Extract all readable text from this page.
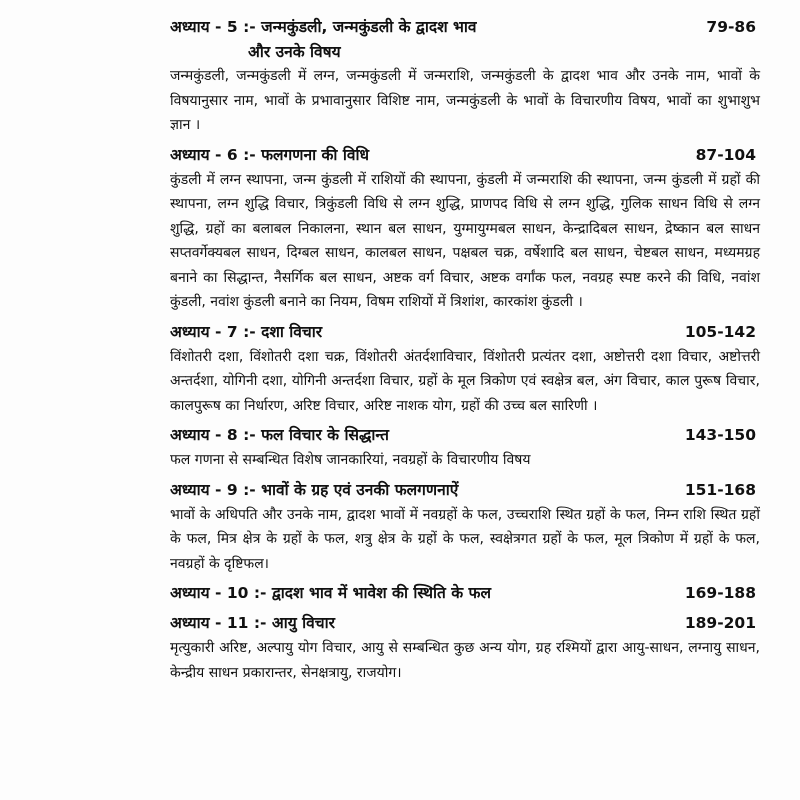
अध्याय - 5 :- जन्मकुंडली, जन्मकुंडली के द्वादश भाव	79-86
और उनके विषय
जन्मकुंडली, जन्मकुंडली में लग्न, जन्मकुंडली में जन्मराशि, जन्मकुंडली के द्वादश भाव और उनके नाम, भावों के विषयानुसार नाम, भावों के प्रभावानुसार विशिष्ट नाम, जन्मकुंडली के भावों के विचारणीय विषय, भावों का शुभाशुभ ज्ञान ।
अध्याय - 6 :- फलगणना की विधि	87-104
कुंडली में लग्न स्थापना, जन्म कुंडली में राशियों की स्थापना, कुंडली में जन्मराशि की स्थापना, जन्म कुंडली में ग्रहों की स्थापना, लग्न शुद्धि विचार, त्रिकुंडली विधि से लग्न शुद्धि, प्राणपद विधि से लग्न शुद्धि, गुलिक साधन विधि से लग्न शुद्धि, ग्रहों का बलाबल निकालना, स्थान बल साधन, युग्मायुग्मबल साधन, केन्द्रादिबल साधन, द्रेष्कान बल साधन सप्तवर्गेक्यबल साधन, दिग्बल साधन, कालबल साधन, पक्षबल चक्र, वर्षेशादि बल साधन, चेष्टबल साधन, मध्यमग्रह बनाने का सिद्धान्त, नैसर्गिक बल साधन, अष्टक वर्ग विचार, अष्टक वर्गांक फल, नवग्रह स्पष्ट करने की विधि, नवांश कुंडली, नवांश कुंडली बनाने का नियम, विषम राशियों में त्रिशांश, कारकांश कुंडली ।
अध्याय - 7 :- दशा विचार	105-142
विंशोतरी दशा, विंशोतरी दशा चक्र, विंशोतरी अंतर्दशाविचार, विंशोतरी प्रत्यंतर दशा, अष्टोत्तरी दशा विचार, अष्टोत्तरी अन्तर्दशा, योगिनी दशा, योगिनी अन्तर्दशा विचार, ग्रहों के मूल त्रिकोण एवं स्वक्षेत्र बल, अंग विचार, काल पुरूष विचार, कालपुरूष का निर्धारण, अरिष्ट विचार, अरिष्ट नाशक योग, ग्रहों की उच्च बल सारिणी ।
अध्याय - 8 :- फल विचार के सिद्धान्त	143-150
फल गणना से सम्बन्धित विशेष जानकारियां, नवग्रहों के विचारणीय विषय
अध्याय - 9 :- भावों के ग्रह एवं उनकी फलगणनाऐं	151-168
भावों के अधिपति और उनके नाम, द्वादश भावों में नवग्रहों के फल, उच्चराशि स्थित ग्रहों के फल, निम्न राशि स्थित ग्रहों के फल, मित्र क्षेत्र के ग्रहों के फल, शत्रु क्षेत्र के ग्रहों के फल, स्वक्षेत्रगत ग्रहों के फल, मूल त्रिकोण में ग्रहों के फल, नवग्रहों के दृष्टिफल।
अध्याय - 10 :- द्वादश भाव में भावेश की स्थिति के फल	169-188
अध्याय - 11 :- आयु विचार	189-201
मृत्युकारी अरिष्ट, अल्पायु योग विचार, आयु से सम्बन्धित कुछ अन्य योग, ग्रह रश्मियों द्वारा आयु-साधन, लग्नायु साधन, केन्द्रीय साधन प्रकारान्तर, सेनक्षत्रायु, राजयोग।
